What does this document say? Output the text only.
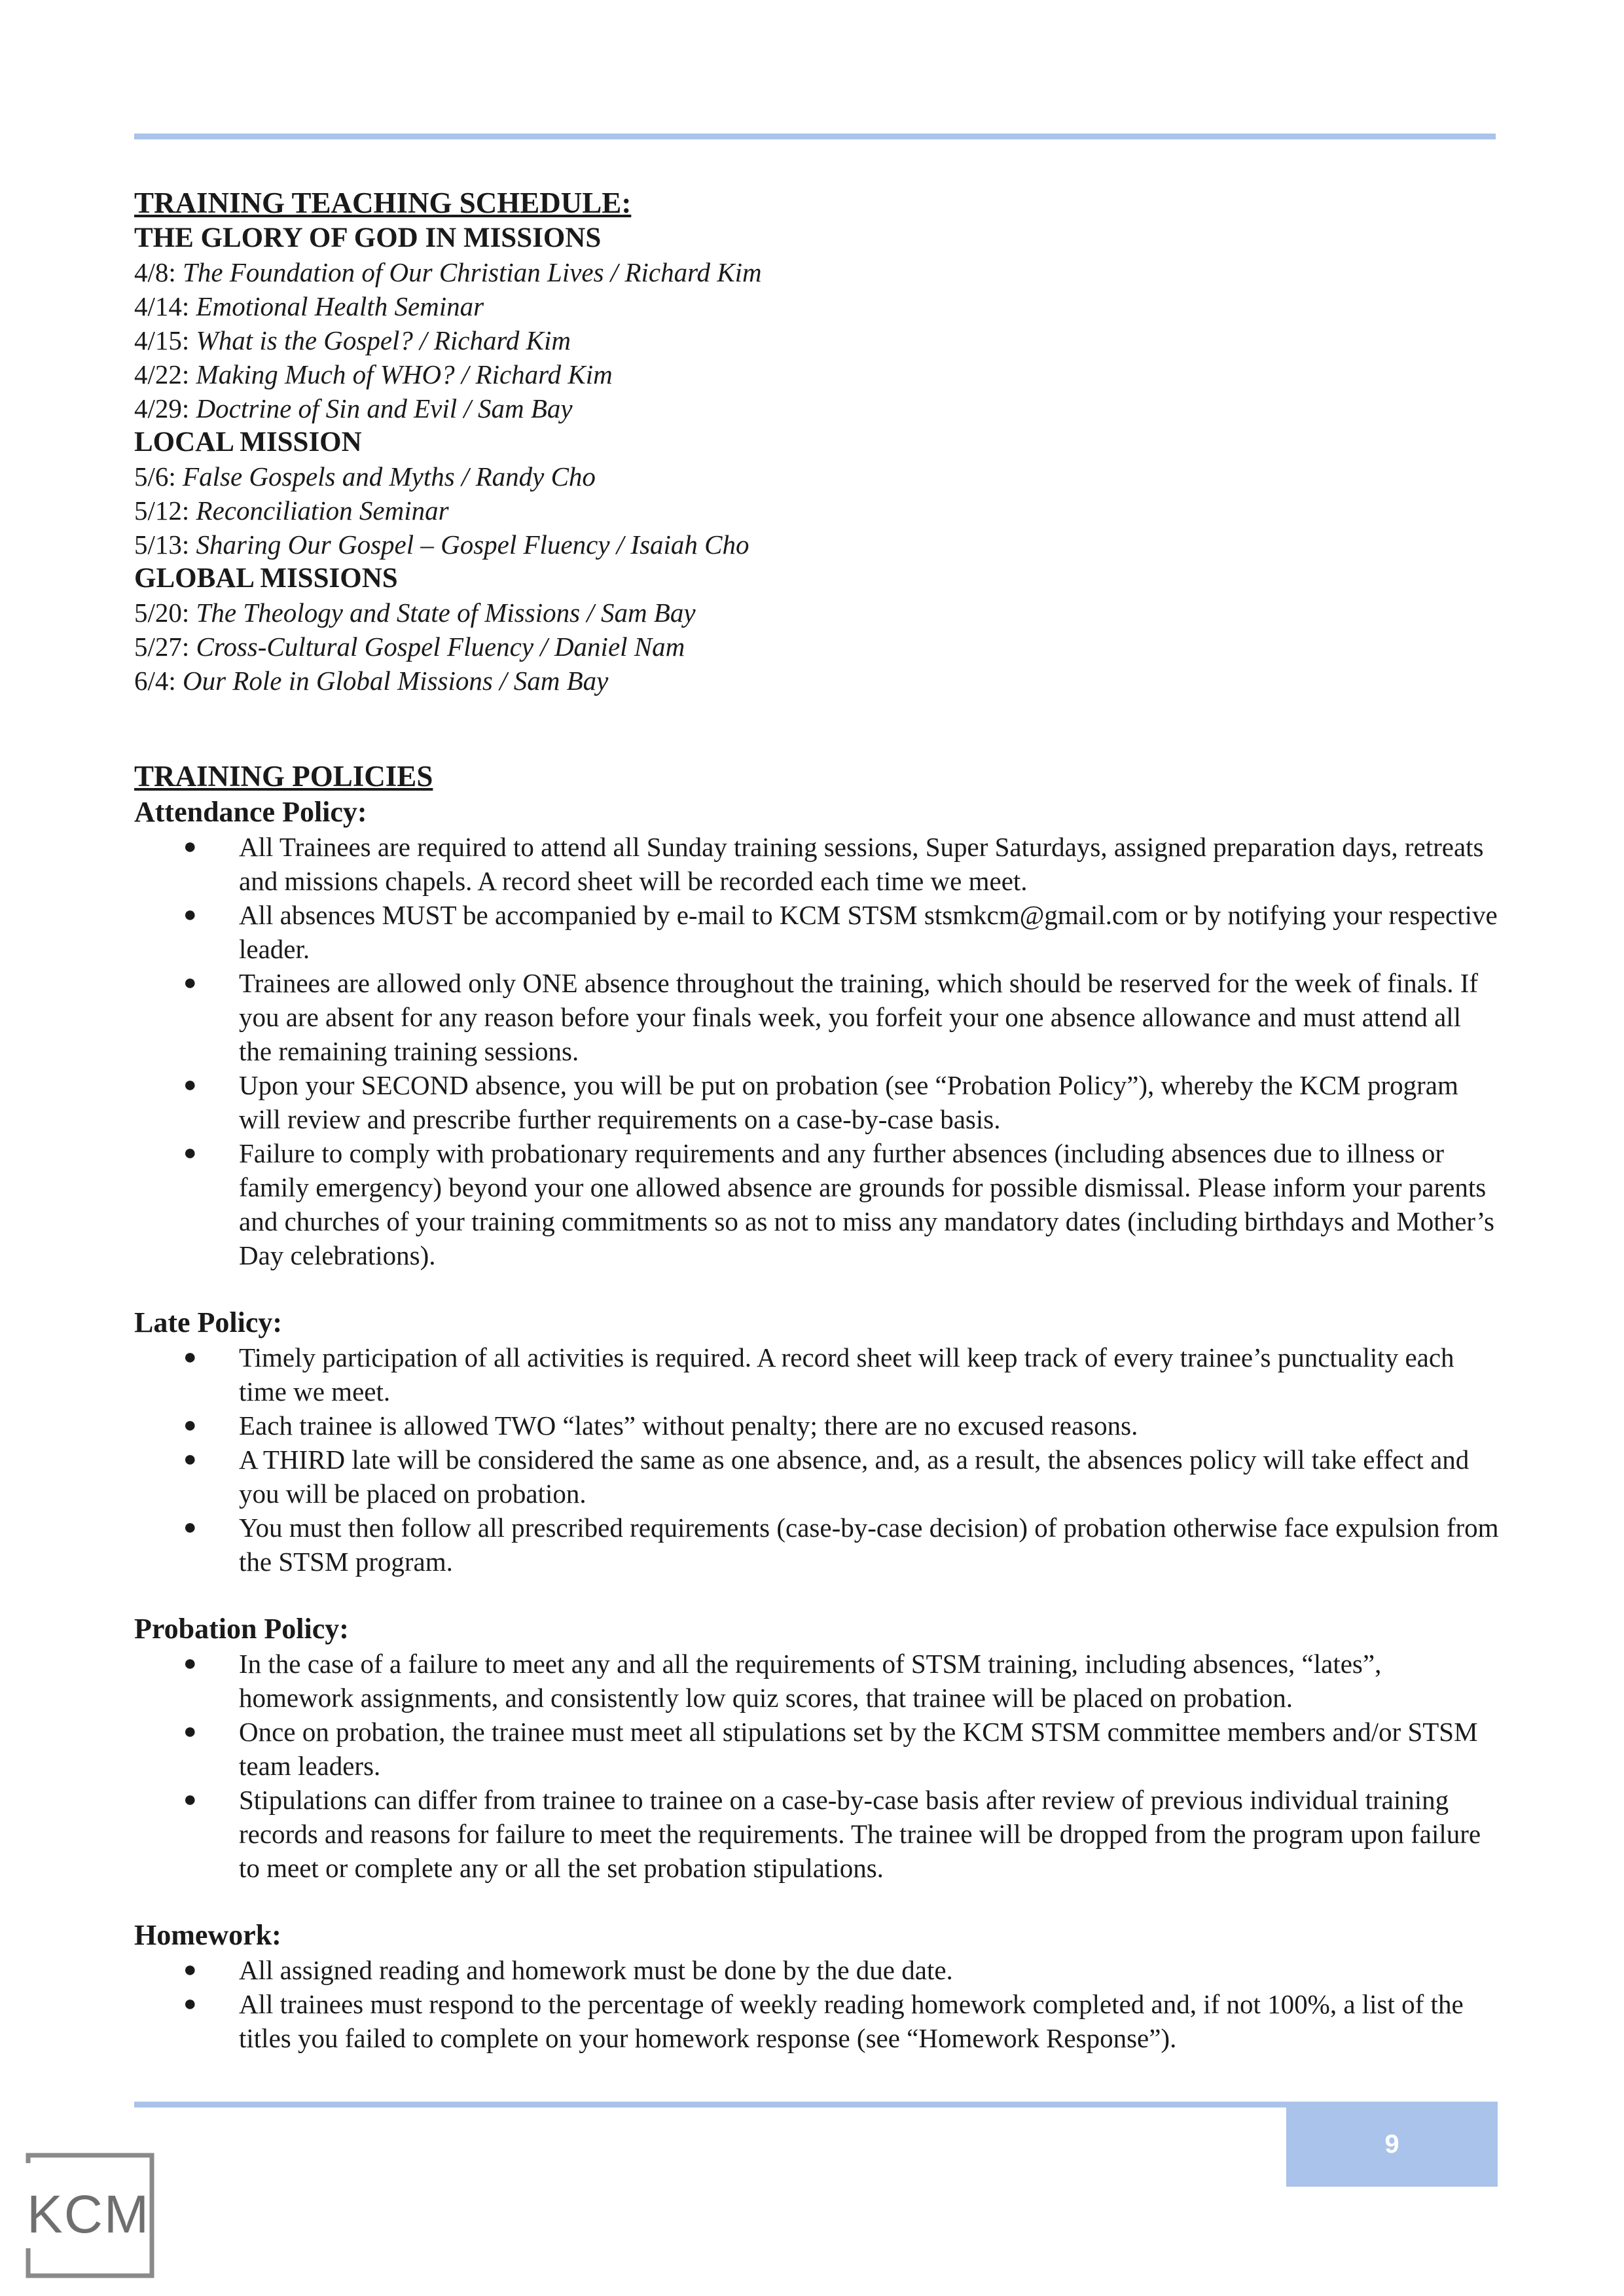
TRAINING TEACHING SCHEDULE:

THE GLORY OF GOD IN MISSIONS

4/8: The Foundation of Our Christian Lives / Richard Kim

4/14: Emotional Health Seminar

4/15: What is the Gospel? / Richard Kim

4/22: Making Much of WHO? / Richard Kim

4/29: Doctrine of Sin and Evil / Sam Bay

LOCAL MISSION

5/6: False Gospels and Myths / Randy Cho

5/12: Reconciliation Seminar

5/13: Sharing Our Gospel – Gospel Fluency / Isaiah Cho

GLOBAL MISSIONS

5/20: The Theology and State of Missions / Sam Bay

5/27: Cross-Cultural Gospel Fluency / Daniel Nam

6/4: Our Role in Global Missions / Sam Bay

TRAINING POLICIES

Attendance Policy:

● All Trainees are required to attend all Sunday training sessions, Super Saturdays, assigned preparation days, retreats and missions chapels. A record sheet will be recorded each time we meet.
● All absences MUST be accompanied by e-mail to KCM STSM stsmkcm@gmail.com or by notifying your respective leader.
● Trainees are allowed only ONE absence throughout the training, which should be reserved for the week of finals. If you are absent for any reason before your finals week, you forfeit your one absence allowance and must attend all the remaining training sessions.
● Upon your SECOND absence, you will be put on probation (see “Probation Policy”), whereby the KCM program will review and prescribe further requirements on a case-by-case basis.
● Failure to comply with probationary requirements and any further absences (including absences due to illness or family emergency) beyond your one allowed absence are grounds for possible dismissal. Please inform your parents and churches of your training commitments so as not to miss any mandatory dates (including birthdays and Mother’s Day celebrations).

Late Policy:

● Timely participation of all activities is required. A record sheet will keep track of every trainee’s punctuality each time we meet.
● Each trainee is allowed TWO “lates” without penalty; there are no excused reasons.
● A THIRD late will be considered the same as one absence, and, as a result, the absences policy will take effect and you will be placed on probation.
● You must then follow all prescribed requirements (case-by-case decision) of probation otherwise face expulsion from the STSM program.

Probation Policy:

● In the case of a failure to meet any and all the requirements of STSM training, including absences, “lates”, homework assignments, and consistently low quiz scores, that trainee will be placed on probation.
● Once on probation, the trainee must meet all stipulations set by the KCM STSM committee members and/or STSM team leaders.
● Stipulations can differ from trainee to trainee on a case-by-case basis after review of previous individual training records and reasons for failure to meet the requirements. The trainee will be dropped from the program upon failure to meet or complete any or all the set probation stipulations.

Homework:

● All assigned reading and homework must be done by the due date.
● All trainees must respond to the percentage of weekly reading homework completed and, if not 100%, a list of the titles you failed to complete on your homework response (see “Homework Response”).
9
KCM
